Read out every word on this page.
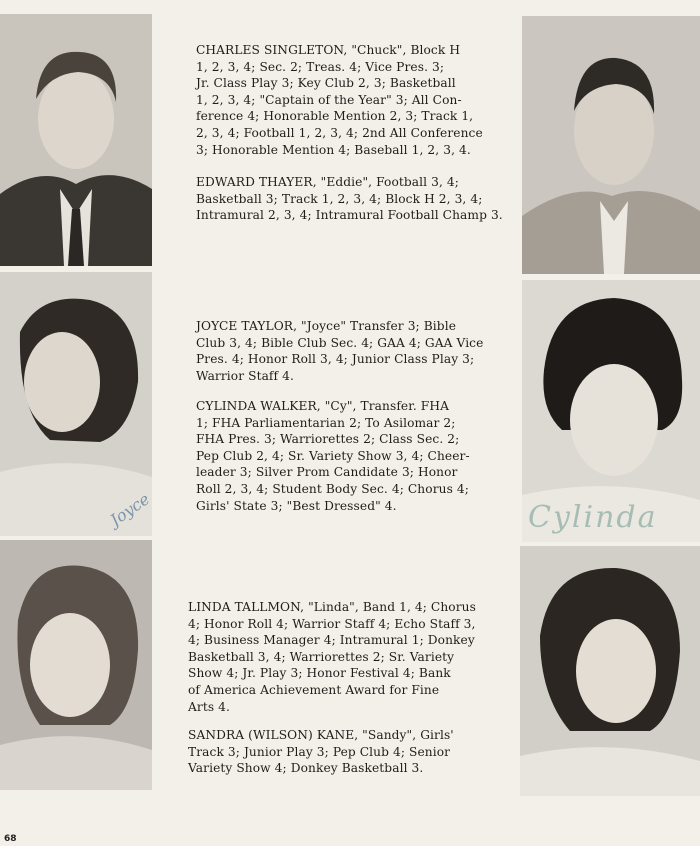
Joyce	Cylinda
CHARLES SINGLETON, "Chuck", Block H
1, 2, 3, 4; Sec. 2; Treas. 4; Vice Pres. 3;
Jr. Class Play 3; Key Club 2, 3; Basketball
1, 2, 3, 4; "Captain of the Year" 3; All Con-
ference 4; Honorable Mention 2, 3; Track 1,
2, 3, 4; Football 1, 2, 3, 4; 2nd All Conference
3; Honorable Mention 4; Baseball 1, 2, 3, 4.
EDWARD THAYER, "Eddie", Football 3, 4;
Basketball 3; Track 1, 2, 3, 4; Block H 2, 3, 4;
Intramural 2, 3, 4; Intramural Football Champ 3.
JOYCE TAYLOR, "Joyce" Transfer 3; Bible
Club 3, 4; Bible Club Sec. 4; GAA 4; GAA Vice
Pres. 4; Honor Roll 3, 4; Junior Class Play 3;
Warrior Staff 4.
CYLINDA WALKER, "Cy", Transfer. FHA
1; FHA Parliamentarian 2; To Asilomar 2;
FHA Pres. 3; Warriorettes 2; Class Sec. 2;
Pep Club 2, 4; Sr. Variety Show 3, 4; Cheer-
leader 3; Silver Prom Candidate 3; Honor
Roll 2, 3, 4; Student Body Sec. 4; Chorus 4;
Girls' State 3; "Best Dressed" 4.
LINDA TALLMON, "Linda", Band 1, 4; Chorus
4; Honor Roll 4; Warrior Staff 4; Echo Staff 3,
4; Business Manager 4; Intramural 1; Donkey
Basketball 3, 4; Warriorettes 2; Sr. Variety
Show 4; Jr. Play 3; Honor Festival 4; Bank
of America Achievement Award for Fine
Arts 4.
SANDRA (WILSON) KANE, "Sandy", Girls'
Track 3; Junior Play 3; Pep Club 4; Senior
Variety Show 4; Donkey Basketball 3.
68
